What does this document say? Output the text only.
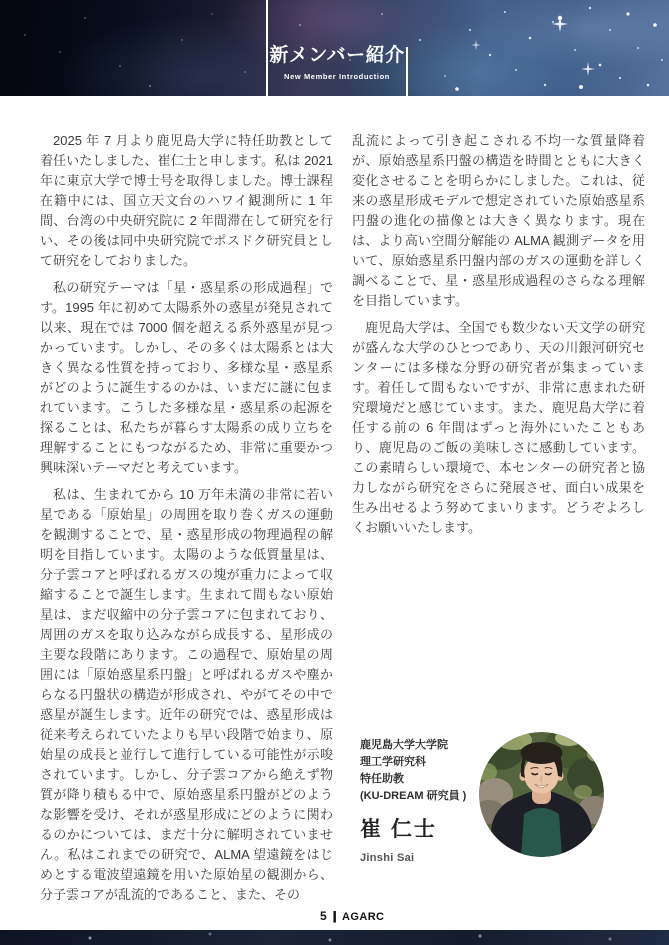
新メンバー紹介
New Member Introduction

2025 年 7 月より鹿児島大学に特任助教として着任いたしました、崔仁士と申します。私は 2021 年に東京大学で博士号を取得しました。博士課程在籍中には、国立天文台のハワイ観測所に 1 年間、台湾の中央研究院に 2 年間滞在して研究を行い、その後は同中央研究院でポスドク研究員として研究をしておりました。

私の研究テーマは「星・惑星系の形成過程」です。1995 年に初めて太陽系外の惑星が発見されて以来、現在では 7000 個を超える系外惑星が見つかっています。しかし、その多くは太陽系とは大きく異なる性質を持っており、多様な星・惑星系がどのように誕生するのかは、いまだに謎に包まれています。こうした多様な星・惑星系の起源を探ることは、私たちが暮らす太陽系の成り立ちを理解することにもつながるため、非常に重要かつ興味深いテーマだと考えています。

私は、生まれてから 10 万年未満の非常に若い星である「原始星」の周囲を取り巻くガスの運動を観測することで、星・惑星形成の物理過程の解明を目指しています。太陽のような低質量星は、分子雲コアと呼ばれるガスの塊が重力によって収縮することで誕生します。生まれて間もない原始星は、まだ収縮中の分子雲コアに包まれており、周囲のガスを取り込みながら成長する、星形成の主要な段階にあります。この過程で、原始星の周囲には「原始惑星系円盤」と呼ばれるガスや塵からなる円盤状の構造が形成され、やがてその中で惑星が誕生します。近年の研究では、惑星形成は従来考えられていたよりも早い段階で始まり、原始星の成長と並行して進行している可能性が示唆されています。しかし、分子雲コアから絶えず物質が降り積もる中で、原始惑星系円盤がどのような影響を受け、それが惑星形成にどのように関わるのかについては、まだ十分に解明されていません。私はこれまでの研究で、ALMA 望遠鏡をはじめとする電波望遠鏡を用いた原始星の観測から、分子雲コアが乱流的であること、また、その

乱流によって引き起こされる不均一な質量降着が、原始惑星系円盤の構造を時間とともに大きく変化させることを明らかにしました。これは、従来の惑星形成モデルで想定されていた原始惑星系円盤の進化の描像とは大きく異なります。現在は、より高い空間分解能の ALMA 観測データを用いて、原始惑星系円盤内部のガスの運動を詳しく調べることで、星・惑星形成過程のさらなる理解を目指しています。

鹿児島大学は、全国でも数少ない天文学の研究が盛んな大学のひとつであり、天の川銀河研究センターには多様な分野の研究者が集まっています。着任して間もないですが、非常に恵まれた研究環境だと感じています。また、鹿児島大学に着任する前の 6 年間はずっと海外にいたこともあり、鹿児島のご飯の美味しさに感動しています。この素晴らしい環境で、本センターの研究者と協力しながら研究をさらに発展させ、面白い成果を生み出せるよう努めてまいります。どうぞよろしくお願いいたします。

鹿児島大学大学院
理工学研究科
特任助教
(KU-DREAM 研究員 )
崔 仁士
Jinshi Sai
5 | AGARC
